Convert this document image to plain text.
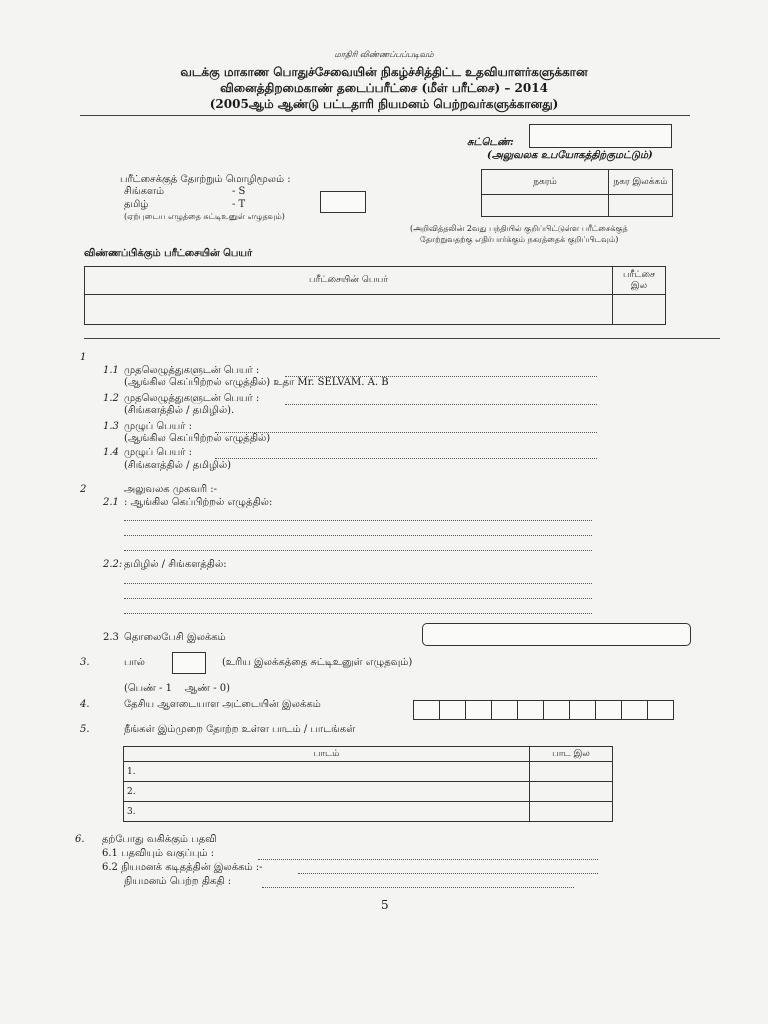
மாதிரி விண்ணப்பப்படிவம்
வடக்கு மாகாண பொதுச்சேவையின் நிகழ்ச்சித்திட்ட உதவியாளர்களுக்கான
வினைத்திறமைகாண் தடைப்பரீட்சை (மீள் பரீட்சை) – 2014
(2005ஆம் ஆண்டு பட்டதாரி நியமனம் பெற்றவர்களுக்கானது)
சுட்டெண்:
(அலுவலக உபயோகத்திற்குமட்டும்)
பரீட்சைக்குத் தோற்றும் மொழிமூலம் :
சிங்களம்	- S
தமிழ்	- T
(ஏற்புடைய எழுத்தை சுட்டிஉனுள் எழுதவும்)
நகரம்	நகர இலக்கம்

(அறிவித்தலின் 2வது பந்தியில் குறிப்பிட்டுள்ள பரீட்சைக்குத்
தோற்றுவதற்கு எதிர்பார்க்கும் நகரத்தைக் குறிப்பிடவும்)
விண்ணப்பிக்கும் பரீட்சையின் பெயர்
பரீட்சையின் பெயர்	பரீட்சை இல

1
1.1 முதலெழுத்துகளுடன் பெயர் :
(ஆங்கில கெப்பிற்றல் எழுத்தில்) உதா Mr. SELVAM. A. B
1.2 முதலெழுத்துகளுடன் பெயர் :
(சிங்களத்தில் / தமிழில்).
1.3 முழுப் பெயர் :
(ஆங்கில கெப்பிற்றல் எழுத்தில்)
1.4 முழுப் பெயர் :
(சிங்களத்தில் / தமிழில்)
2	அலுவலக முகவரி :-
2.1 : ஆங்கில கெப்பிற்றல் எழுத்தில்:
2.2: தமிழில் / சிங்களத்தில்:
2.3 தொலைபேசி இலக்கம்
3.	பால்	(உரிய இலக்கத்தை சுட்டிஉனுள் எழுதவும்)
(பெண் - 1    ஆண் - 0)
4.	தேசிய ஆளடையாள அட்டையின் இலக்கம்
5.	நீங்கள் இம்முறை தோற்ற உள்ள பாடம் / பாடங்கள்
பாடம்	பாட இல
1.	
2.	
3.	
6. தற்போது வகிக்கும் பதவி
6.1 பதவியும் வகுப்பும் :
6.2 நியமனக் கடிதத்தின் இலக்கம் :-
நியமனம் பெற்ற திகதி :
5
